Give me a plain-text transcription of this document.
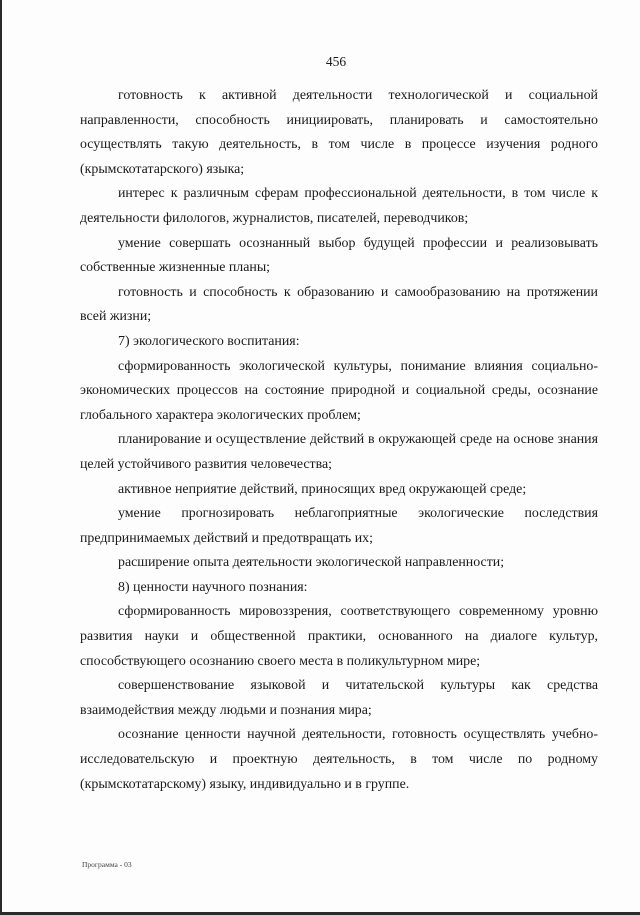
456

готовность к активной деятельности технологической и социальной направленности, способность инициировать, планировать и самостоятельно осуществлять такую деятельность, в том числе в процессе изучения родного (крымскотатарского) языка;

интерес к различным сферам профессиональной деятельности, в том числе к деятельности филологов, журналистов, писателей, переводчиков;

умение совершать осознанный выбор будущей профессии и реализовывать собственные жизненные планы;

готовность и способность к образованию и самообразованию на протяжении всей жизни;

7) экологического воспитания:

сформированность экологической культуры, понимание влияния социально-экономических процессов на состояние природной и социальной среды, осознание глобального характера экологических проблем;

планирование и осуществление действий в окружающей среде на основе знания целей устойчивого развития человечества;

активное неприятие действий, приносящих вред окружающей среде;

умение прогнозировать неблагоприятные экологические последствия предпринимаемых действий и предотвращать их;

расширение опыта деятельности экологической направленности;

8) ценности научного познания:

сформированность мировоззрения, соответствующего современному уровню развития науки и общественной практики, основанного на диалоге культур, способствующего осознанию своего места в поликультурном мире;

совершенствование языковой и читательской культуры как средства взаимодействия между людьми и познания мира;

осознание ценности научной деятельности, готовность осуществлять учебно-исследовательскую и проектную деятельность, в том числе по родному (крымскотатарскому) языку, индивидуально и в группе.

Программа - 03
